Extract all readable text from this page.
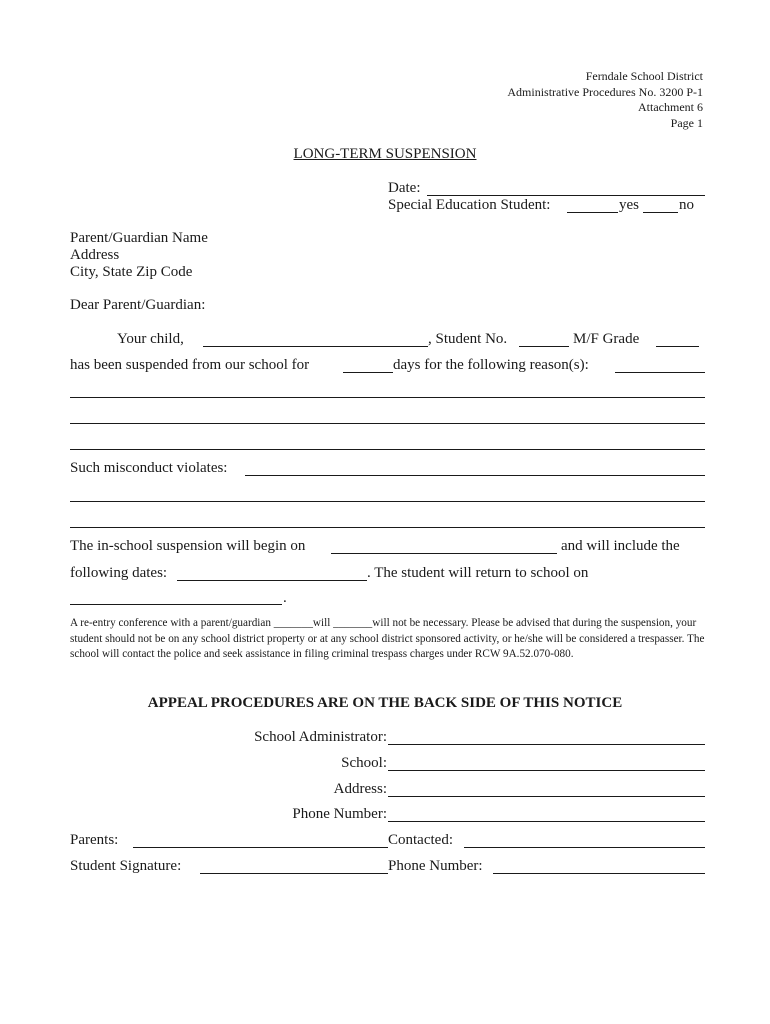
Ferndale School District
Administrative Procedures No. 3200 P-1
Attachment 6
Page 1
LONG-TERM SUSPENSION
Date:
Special Education Student:	yes	no
Parent/Guardian Name
Address
City, State Zip Code
Dear Parent/Guardian:
Your child,	, Student No.	M/F Grade
has been suspended from our school for	days for the following reason(s):
Such misconduct violates:
The in-school suspension will begin on	and will include the
following dates:	. The student will return to school on
.
A re-entry conference with a parent/guardian _______will _______will not be necessary. Please be advised that during the suspension, your student should not be on any school district property or at any school district sponsored activity, or he/she will be considered a trespasser. The school will contact the police and seek assistance in filing criminal trespass charges under RCW 9A.52.070-080.
APPEAL PROCEDURES ARE ON THE BACK SIDE OF THIS NOTICE
School Administrator:
School:
Address:
Phone Number:
Parents:	Contacted:
Student Signature:	Phone Number:
